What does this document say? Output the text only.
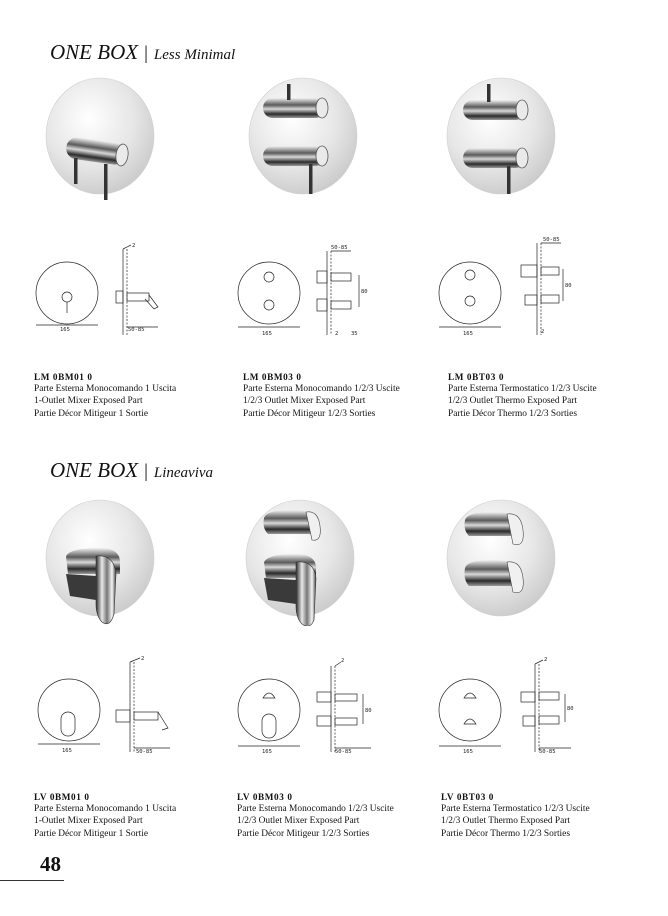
ONE BOX | Less Minimal
165
2
50-85
165
50-85
80
2 35	165
50-85
80
2
LM 0BM01 0
Parte Esterna Monocomando 1 Uscita
1-Outlet Mixer Exposed Part
Partie Décor Mitigeur 1 Sortie
LM 0BM03 0
Parte Esterna Monocomando 1/2/3 Uscite
1/2/3 Outlet Mixer Exposed Part
Partie Décor Mitigeur 1/2/3 Sorties
LM 0BT03 0
Parte Esterna Termostatico 1/2/3 Uscite
1/2/3 Outlet Thermo Exposed Part
Partie Décor Thermo 1/2/3 Sorties
ONE BOX | Lineaviva
165
2
50-85	165
2
80
50-85	165
2
80
50-85
LV 0BM01 0
Parte Esterna Monocomando 1 Uscita
1-Outlet Mixer Exposed Part
Partie Décor Mitigeur 1 Sortie
LV 0BM03 0
Parte Esterna Monocomando 1/2/3 Uscite
1/2/3 Outlet Mixer Exposed Part
Partie Décor Mitigeur 1/2/3 Sorties
LV 0BT03 0
Parte Esterna Termostatico 1/2/3 Uscite
1/2/3 Outlet Thermo Exposed Part
Partie Décor Thermo 1/2/3 Sorties
48
